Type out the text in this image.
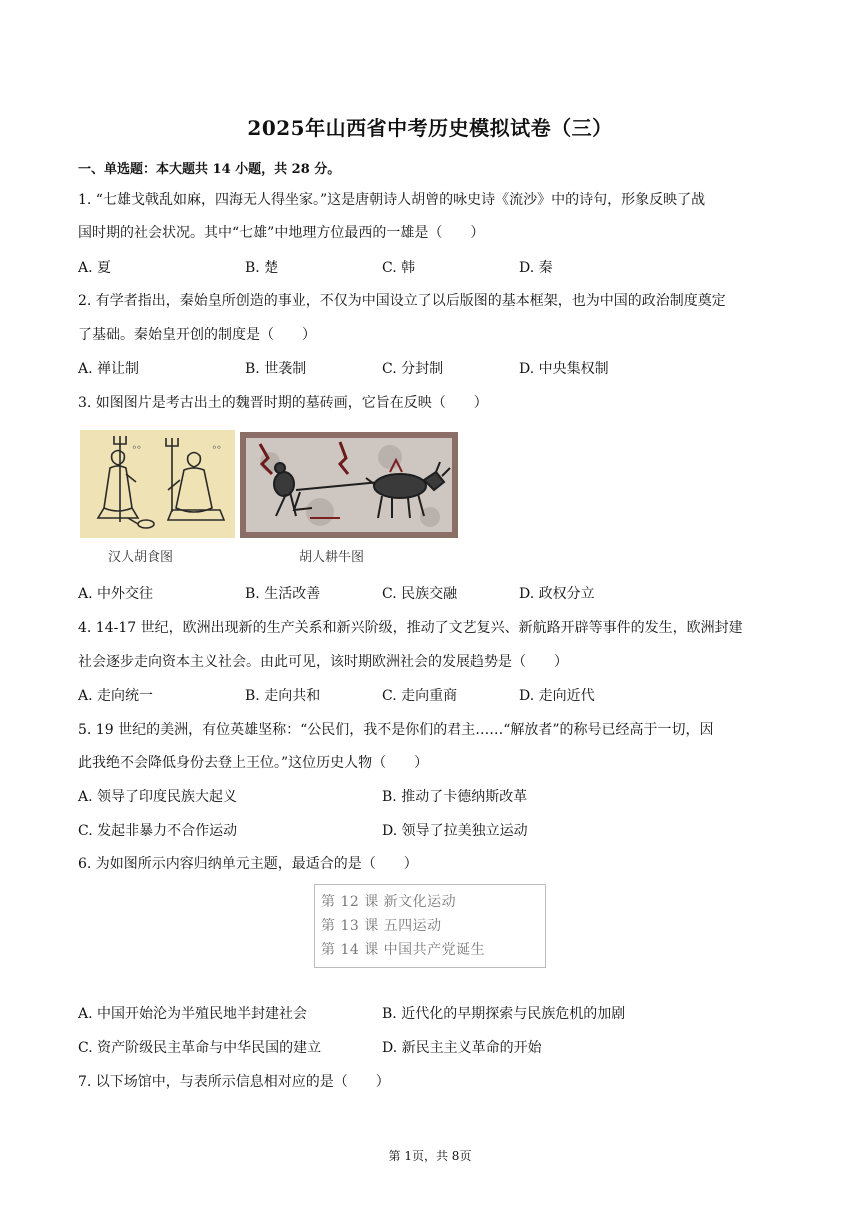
2025年山西省中考历史模拟试卷（三）
一、单选题：本大题共 14 小题，共 28 分。
1. “七雄戈戟乱如麻，四海无人得坐家。”这是唐朝诗人胡曾的咏史诗《流沙》中的诗句，形象反映了战
国时期的社会状况。其中“七雄”中地理方位最西的一雄是（　　）
A. 夏	B. 楚	C. 韩	D. 秦
2. 有学者指出，秦始皇所创造的事业，不仅为中国设立了以后版图的基本框架，也为中国的政治制度奠定
了基础。秦始皇开创的制度是（　　）
A. 禅让制	B. 世袭制	C. 分封制	D. 中央集权制
3. 如图图片是考古出土的魏晋时期的墓砖画，它旨在反映（　　）
⸰⸰	⸰⸰
汉人胡食图	胡人耕牛图
A. 中外交往	B. 生活改善	C. 民族交融	D. 政权分立
4. 14-17 世纪，欧洲出现新的生产关系和新兴阶级，推动了文艺复兴、新航路开辟等事件的发生，欧洲封建
社会逐步走向资本主义社会。由此可见，该时期欧洲社会的发展趋势是（　　）
A. 走向统一	B. 走向共和	C. 走向重商	D. 走向近代
5. 19 世纪的美洲，有位英雄坚称：“公民们，我不是你们的君主……“解放者”的称号已经高于一切，因
此我绝不会降低身份去登上王位。”这位历史人物（　　）
A. 领导了印度民族大起义	B. 推动了卡德纳斯改革
C. 发起非暴力不合作运动	D. 领导了拉美独立运动
6. 为如图所示内容归纳单元主题，最适合的是（　　）
第 12 课 新文化运动
第 13 课 五四运动
第 14 课 中国共产党诞生
A. 中国开始沦为半殖民地半封建社会	B. 近代化的早期探索与民族危机的加剧
C. 资产阶级民主革命与中华民国的建立	D. 新民主主义革命的开始
7. 以下场馆中，与表所示信息相对应的是（　　）
第 1页，共 8页
